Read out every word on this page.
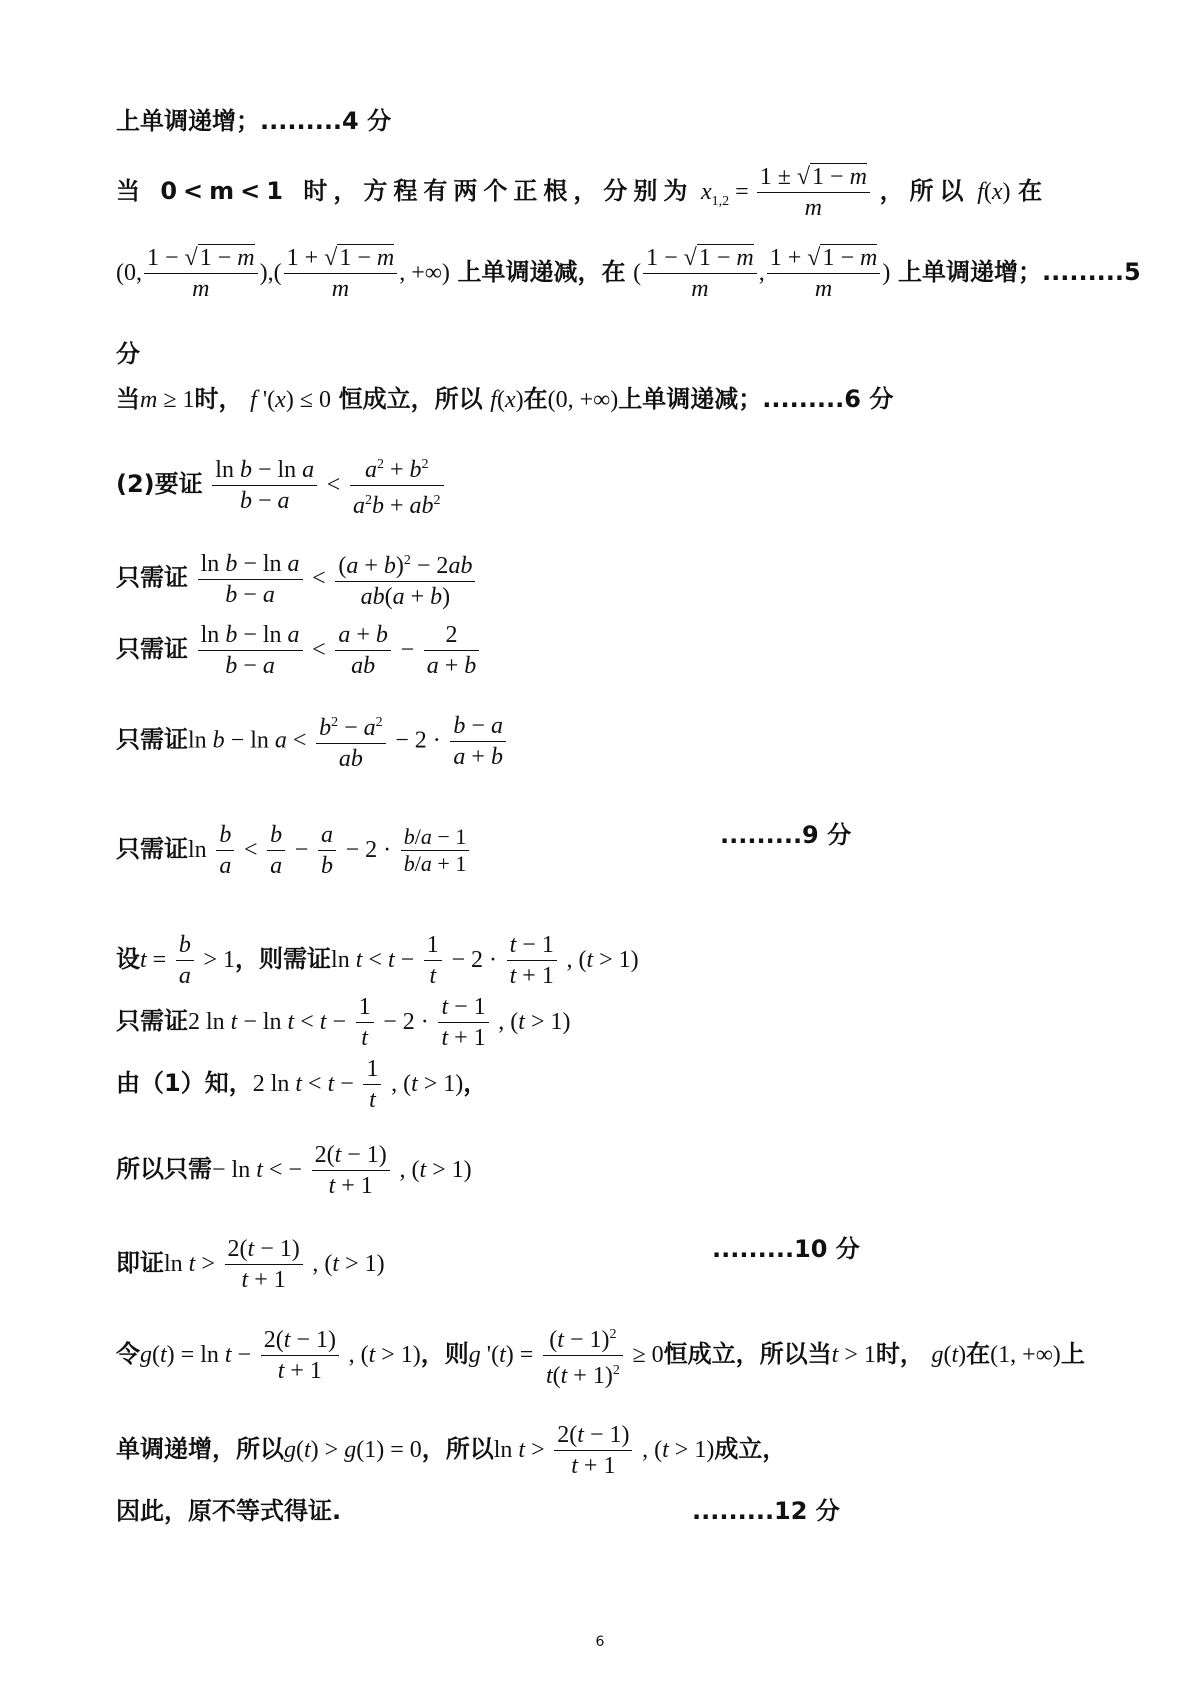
上单调递增；.........4 分
当 0<m<1 时，方程有两个正根，分别为 $x_{1,2} = \frac{1 \pm √1 - m}{m}$ ，所以 f(x) 在
(0, $\frac{1 - √1 - m}{m}$ ),( $\frac{1 + √1 - m}{m}$ , +∞) 上单调递减，在 ( $\frac{1 - √1 - m}{m}$ , $\frac{1 + √1 - m}{m}$ ) 上单调递增；.........5
分
当m ≥ 1时， f '(x) ≤ 0 恒成立，所以 f(x)在(0, +∞)上单调递减；.........6 分
(2)要证 $\frac{\text{ln b − ln a}}{b - a} < \frac{a^2 + b^2}{a^2b + ab^2}$
只需证 $\frac{\text{ln b − ln a}}{b - a} < \frac{(a + b)^2 - 2ab}{ab(a + b)}$
只需证 $\frac{\text{ln b − ln a}}{b - a} < \frac{a + b}{ab} - \frac{2}{a + b}$
只需证$\ln b - \ln a < \frac{b^2 - a^2}{ab} - 2 \cdot \frac{b - a}{a + b}$
只需证$\ln \frac{b}{a} < \frac{b}{a} - \frac{a}{b} - 2 \cdot \frac{b/a - 1}{b/a + 1}$	.........9 分
设$t = \frac{b}{a} > 1$，则需证$\ln t < t - \frac{1}{t} - 2 \cdot \frac{t - 1}{t + 1}$ , (t > 1)
只需证2 $\ln t - \ln t < t - \frac{1}{t} - 2 \cdot \frac{t - 1}{t + 1}$ , (t > 1)
由（1）知，2 $\ln t < t - \frac{1}{t}$ , (t > 1)，
所以只需− ln t < − $\frac{2(t - 1)}{t + 1}$ , (t > 1)
即证$\ln t > \frac{2(t - 1)}{t + 1}$ , (t > 1)
.........10 分
令$g(t) = \ln t - \frac{2(t - 1)}{t + 1}$ , (t > 1)，则g '$(t) = \frac{(t - 1)^2}{t(t + 1)^2} \ge 0$恒成立，所以当t > 1时， g(t)在(1, +∞)上
单调递增，所以g(t) > g(1) = 0，所以$\ln t > \frac{2(t - 1)}{t + 1}$ , (t > 1)成立，
因此，原不等式得证.	.........12 分
6
